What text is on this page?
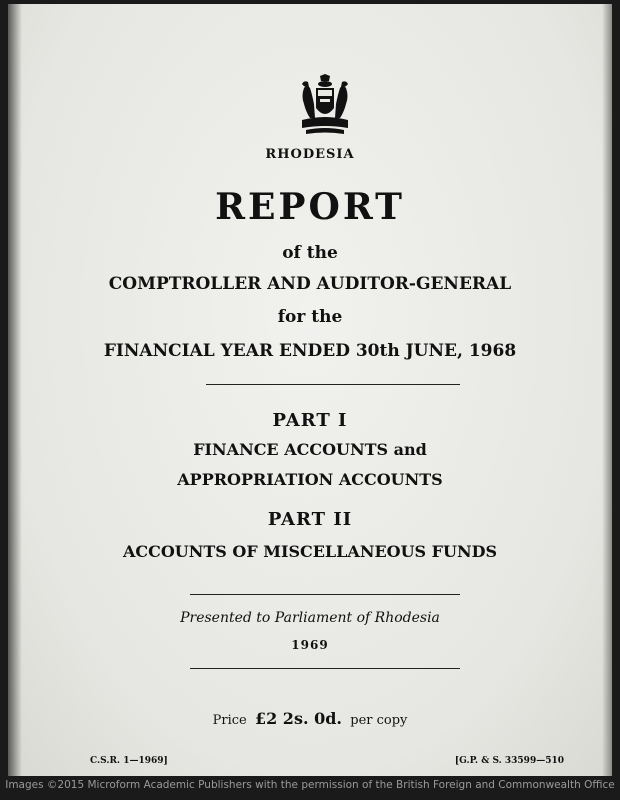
RHODESIA
REPORT
of the
COMPTROLLER AND AUDITOR-GENERAL
for the
FINANCIAL YEAR ENDED 30th JUNE, 1968
PART I
FINANCE ACCOUNTS and
APPROPRIATION ACCOUNTS
PART II
ACCOUNTS OF MISCELLANEOUS FUNDS
Presented to Parliament of Rhodesia
1969
Price £2 2s. 0d. per copy
C.S.R. 1—1969]	[G.P. & S. 33599—510
Images ©2015 Microform Academic Publishers with the permission of the British Foreign and Commonwealth Office
